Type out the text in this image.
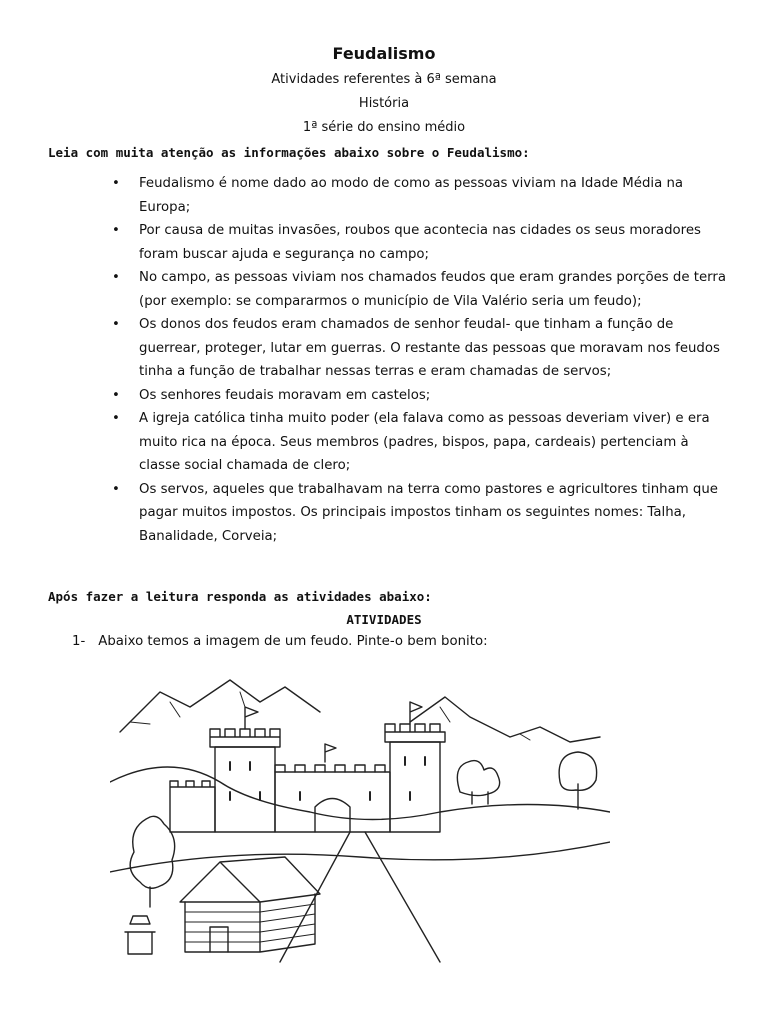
Feudalismo
Atividades referentes à 6ª semana
História
1ª série do ensino médio
Leia com muita atenção as informações abaixo sobre o Feudalismo:
• Feudalismo é nome dado ao modo de como as pessoas viviam na Idade Média na Europa;
• Por causa de muitas invasões, roubos que acontecia nas cidades os seus moradores foram buscar ajuda e segurança no campo;
• No campo, as pessoas viviam nos chamados feudos que eram grandes porções de terra (por exemplo: se compararmos o município de Vila Valério seria um feudo);
• Os donos dos feudos eram chamados de senhor feudal- que tinham a função de guerrear, proteger, lutar em guerras. O restante das pessoas que moravam nos feudos tinha a função de trabalhar nessas terras e eram chamadas de servos;
• Os senhores feudais moravam em castelos;
• A igreja católica tinha muito poder (ela falava como as pessoas deveriam viver) e era muito rica na época. Seus membros (padres, bispos, papa, cardeais) pertenciam à classe social chamada de clero;
• Os servos, aqueles que trabalhavam na terra como pastores e agricultores tinham que pagar muitos impostos. Os principais impostos tinham os seguintes nomes: Talha, Banalidade, Corveia;
Após fazer a leitura responda as atividades abaixo:
ATIVIDADES
1- Abaixo temos a imagem de um feudo. Pinte-o bem bonito:
